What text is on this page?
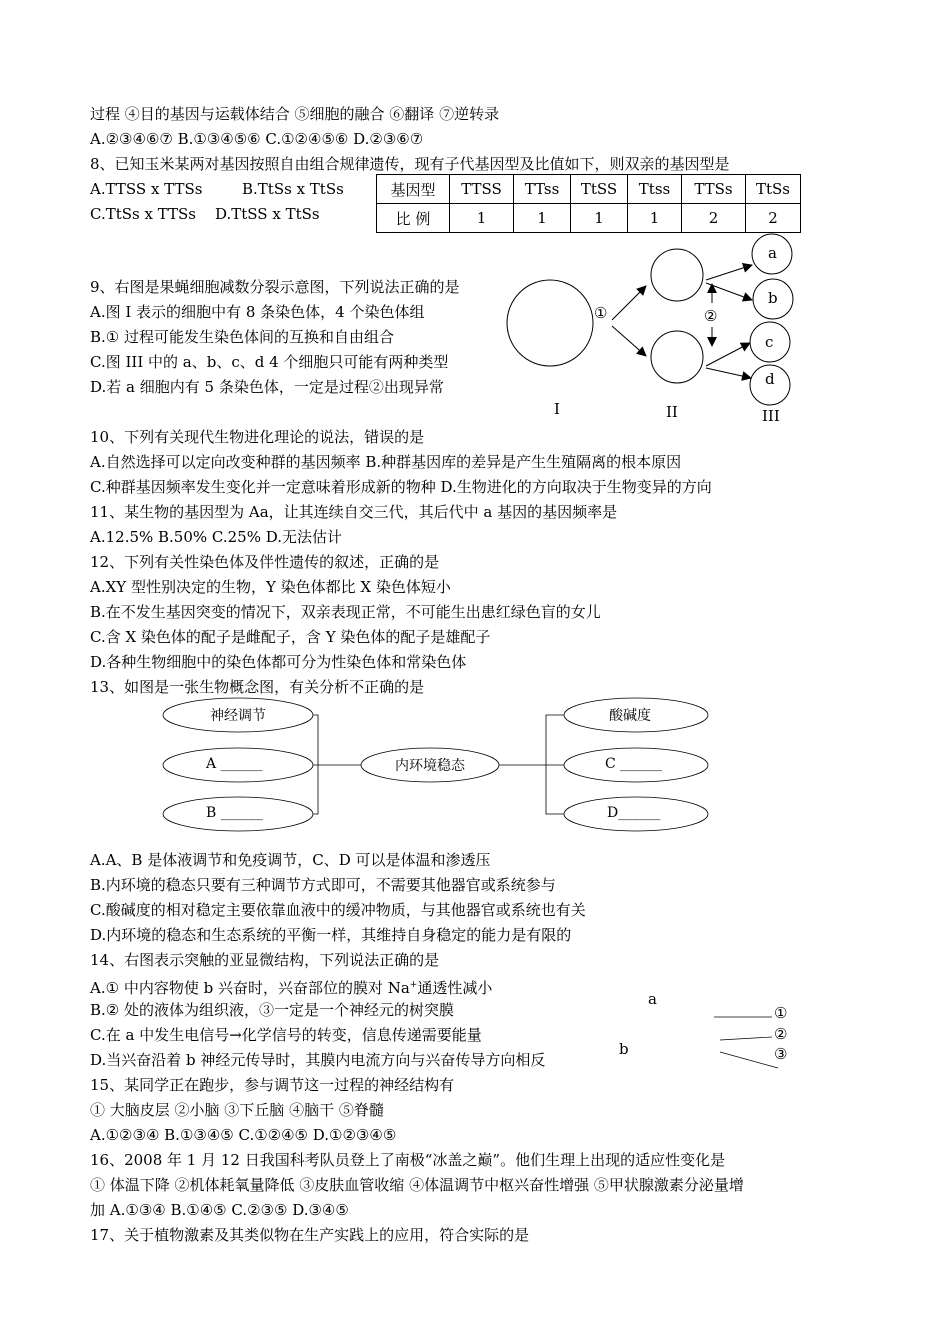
过程 ④目的基因与运载体结合 ⑤细胞的融合 ⑥翻译 ⑦逆转录
A.②③④⑥⑦ B.①③④⑤⑥ C.①②④⑤⑥ D.②③⑥⑦
8、已知玉米某两对基因按照自由组合规律遗传，现有子代基因型及比值如下，则双亲的基因型是
A.TTSS x TTSs	B.TtSs x TtSs
C.TtSs x TTSs D.TtSS x TtSs
基因型	TTSS	TTss	TtSS	Ttss	TTSs	TtSs
比 例	1	1	1	1	2	2
9、右图是果蝇细胞减数分裂示意图，下列说法正确的是
A.图 I 表示的细胞中有 8 条染色体，4 个染色体组
B.① 过程可能发生染色体间的互换和自由组合
C.图 III 中的 a、b、c、d 4 个细胞只可能有两种类型
D.若 a 细胞内有 5 条染色体，一定是过程②出现异常
10、下列有关现代生物进化理论的说法，错误的是
A.自然选择可以定向改变种群的基因频率 B.种群基因库的差异是产生生殖隔离的根本原因
C.种群基因频率发生变化并一定意味着形成新的物种 D.生物进化的方向取决于生物变异的方向
11、某生物的基因型为 Aa，让其连续自交三代，其后代中 a 基因的基因频率是
A.12.5% B.50% C.25% D.无法估计
12、下列有关性染色体及伴性遗传的叙述，正确的是
A.XY 型性别决定的生物，Y 染色体都比 X 染色体短小
B.在不发生基因突变的情况下，双亲表现正常，不可能生出患红绿色盲的女儿
C.含 X 染色体的配子是雌配子，含 Y 染色体的配子是雄配子
D.各种生物细胞中的染色体都可分为性染色体和常染色体
13、如图是一张生物概念图，有关分析不正确的是
A.A、B 是体液调节和免疫调节，C、D 可以是体温和渗透压
B.内环境的稳态只要有三种调节方式即可，不需要其他器官或系统参与
C.酸碱度的相对稳定主要依靠血液中的缓冲物质，与其他器官或系统也有关
D.内环境的稳态和生态系统的平衡一样，其维持自身稳定的能力是有限的
14、右图表示突触的亚显微结构，下列说法正确的是
A.① 中内容物使 b 兴奋时，兴奋部位的膜对 Na+通透性减小
B.② 处的液体为组织液，③一定是一个神经元的树突膜
C.在 a 中发生电信号→化学信号的转变，信息传递需要能量
D.当兴奋沿着 b 神经元传导时，其膜内电流方向与兴奋传导方向相反
15、某同学正在跑步，参与调节这一过程的神经结构有
① 大脑皮层 ②小脑 ③下丘脑 ④脑干 ⑤脊髓
A.①②③④ B.①③④⑤ C.①②④⑤ D.①②③④⑤
16、2008 年 1 月 12 日我国科考队员登上了南极“冰盖之巅”。他们生理上出现的适应性变化是
① 体温下降 ②机体耗氧量降低 ③皮肤血管收缩 ④体温调节中枢兴奋性增强 ⑤甲状腺激素分泌量增
加 A.①③④ B.①④⑤ C.②③⑤ D.③④⑤
17、关于植物激素及其类似物在生产实践上的应用，符合实际的是
a
b
c
d
①	②
I	II	III
神经调节
A ______
B ______
内环境稳态
酸碱度
C ______
D______
a
b
①
②
③
